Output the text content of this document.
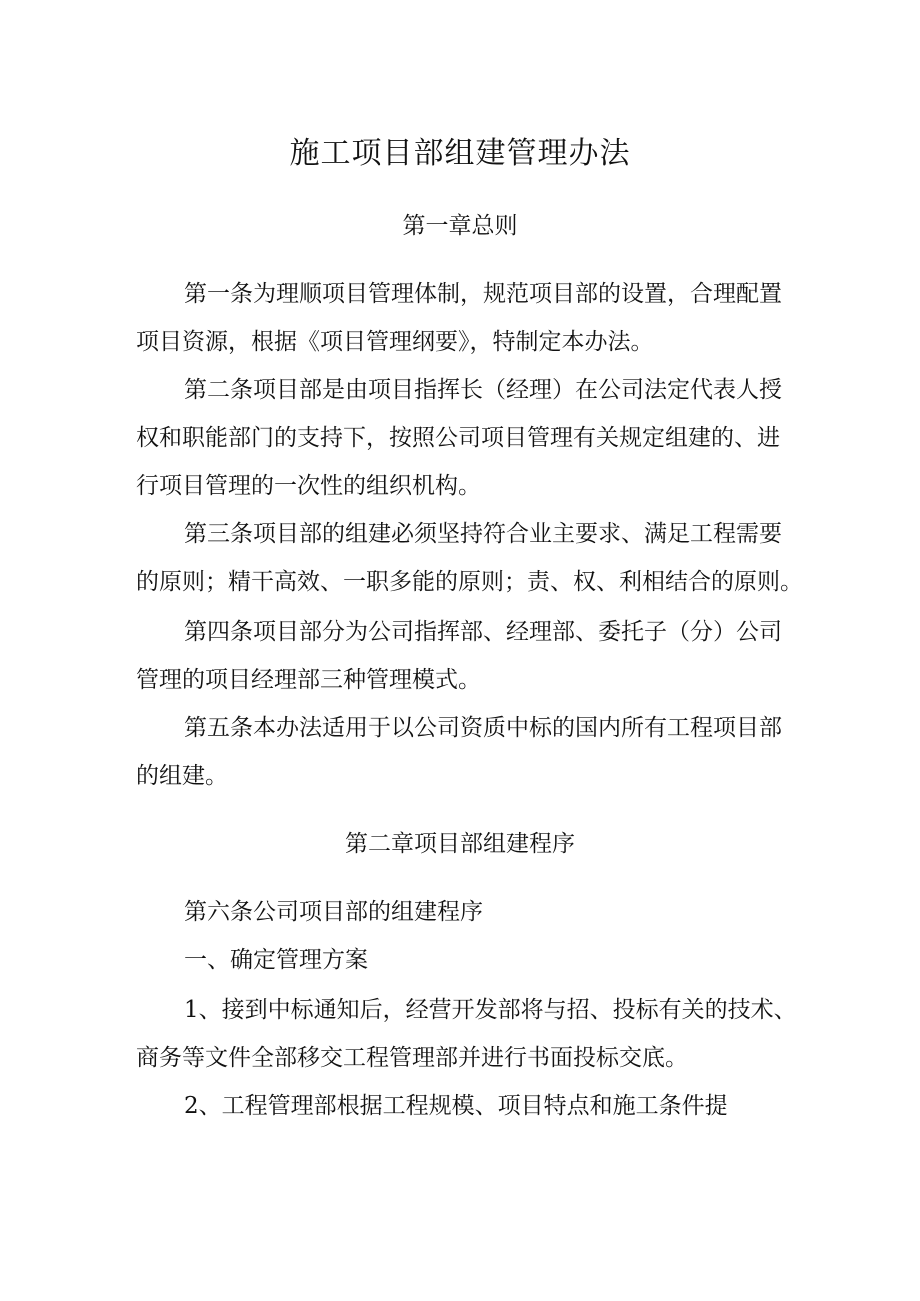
施工项目部组建管理办法
第一章总则

第一条为理顺项目管理体制，规范项目部的设置，合理配置
项目资源，根据《项目管理纲要》，特制定本办法。

第二条项目部是由项目指挥长（经理）在公司法定代表人授
权和职能部门的支持下，按照公司项目管理有关规定组建的、进
行项目管理的一次性的组织机构。

第三条项目部的组建必须坚持符合业主要求、满足工程需要
的原则；精干高效、一职多能的原则；责、权、利相结合的原则。

第四条项目部分为公司指挥部、经理部、委托子（分）公司
管理的项目经理部三种管理模式。

第五条本办法适用于以公司资质中标的国内所有工程项目部
的组建。

第二章项目部组建程序

第六条公司项目部的组建程序

一、确定管理方案

1、接到中标通知后，经营开发部将与招、投标有关的技术、
商务等文件全部移交工程管理部并进行书面投标交底。

2、工程管理部根据工程规模、项目特点和施工条件提
